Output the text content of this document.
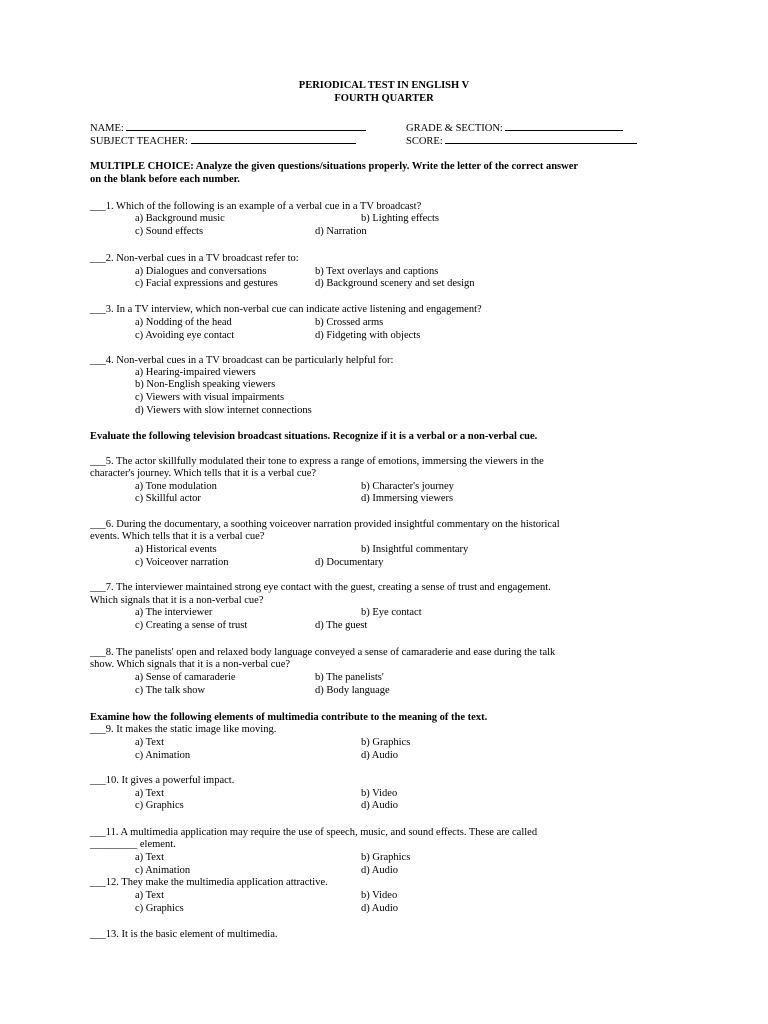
PERIODICAL TEST IN ENGLISH V
FOURTH QUARTER
NAME:	GRADE & SECTION:
SUBJECT TEACHER:	SCORE:
MULTIPLE CHOICE: Analyze the given questions/situations properly. Write the letter of the correct answer
on the blank before each number.
___1. Which of the following is an example of a verbal cue in a TV broadcast?
a) Background music	b) Lighting effects
c) Sound effects	d) Narration
___2. Non-verbal cues in a TV broadcast refer to:
a) Dialogues and conversations	b) Text overlays and captions
c) Facial expressions and gestures	d) Background scenery and set design
___3. In a TV interview, which non-verbal cue can indicate active listening and engagement?
a) Nodding of the head	b) Crossed arms
c) Avoiding eye contact	d) Fidgeting with objects
___4. Non-verbal cues in a TV broadcast can be particularly helpful for:
a) Hearing-impaired viewers
b) Non-English speaking viewers
c) Viewers with visual impairments
d) Viewers with slow internet connections
Evaluate the following television broadcast situations. Recognize if it is a verbal or a non-verbal cue.
___5. The actor skillfully modulated their tone to express a range of emotions, immersing the viewers in the
character's journey. Which tells that it is a verbal cue?
a) Tone modulation	b) Character's journey
c) Skillful actor	d) Immersing viewers
___6. During the documentary, a soothing voiceover narration provided insightful commentary on the historical
events. Which tells that it is a verbal cue?
a) Historical events	b) Insightful commentary
c) Voiceover narration	d) Documentary
___7. The interviewer maintained strong eye contact with the guest, creating a sense of trust and engagement.
Which signals that it is a non-verbal cue?
a) The interviewer	b) Eye contact
c) Creating a sense of trust	d) The guest
___8. The panelists' open and relaxed body language conveyed a sense of camaraderie and ease during the talk
show. Which signals that it is a non-verbal cue?
a) Sense of camaraderie	b) The panelists'
c) The talk show	d) Body language
Examine how the following elements of multimedia contribute to the meaning of the text.
___9. It makes the static image like moving.
a) Text	b) Graphics
c) Animation	d) Audio
___10. It gives a powerful impact.
a) Text	b) Video
c) Graphics	d) Audio
___11. A multimedia application may require the use of speech, music, and sound effects. These are called
_________ element.
a) Text	b) Graphics
c) Animation	d) Audio
___12. They make the multimedia application attractive.
a) Text	b) Video
c) Graphics	d) Audio
___13. It is the basic element of multimedia.
